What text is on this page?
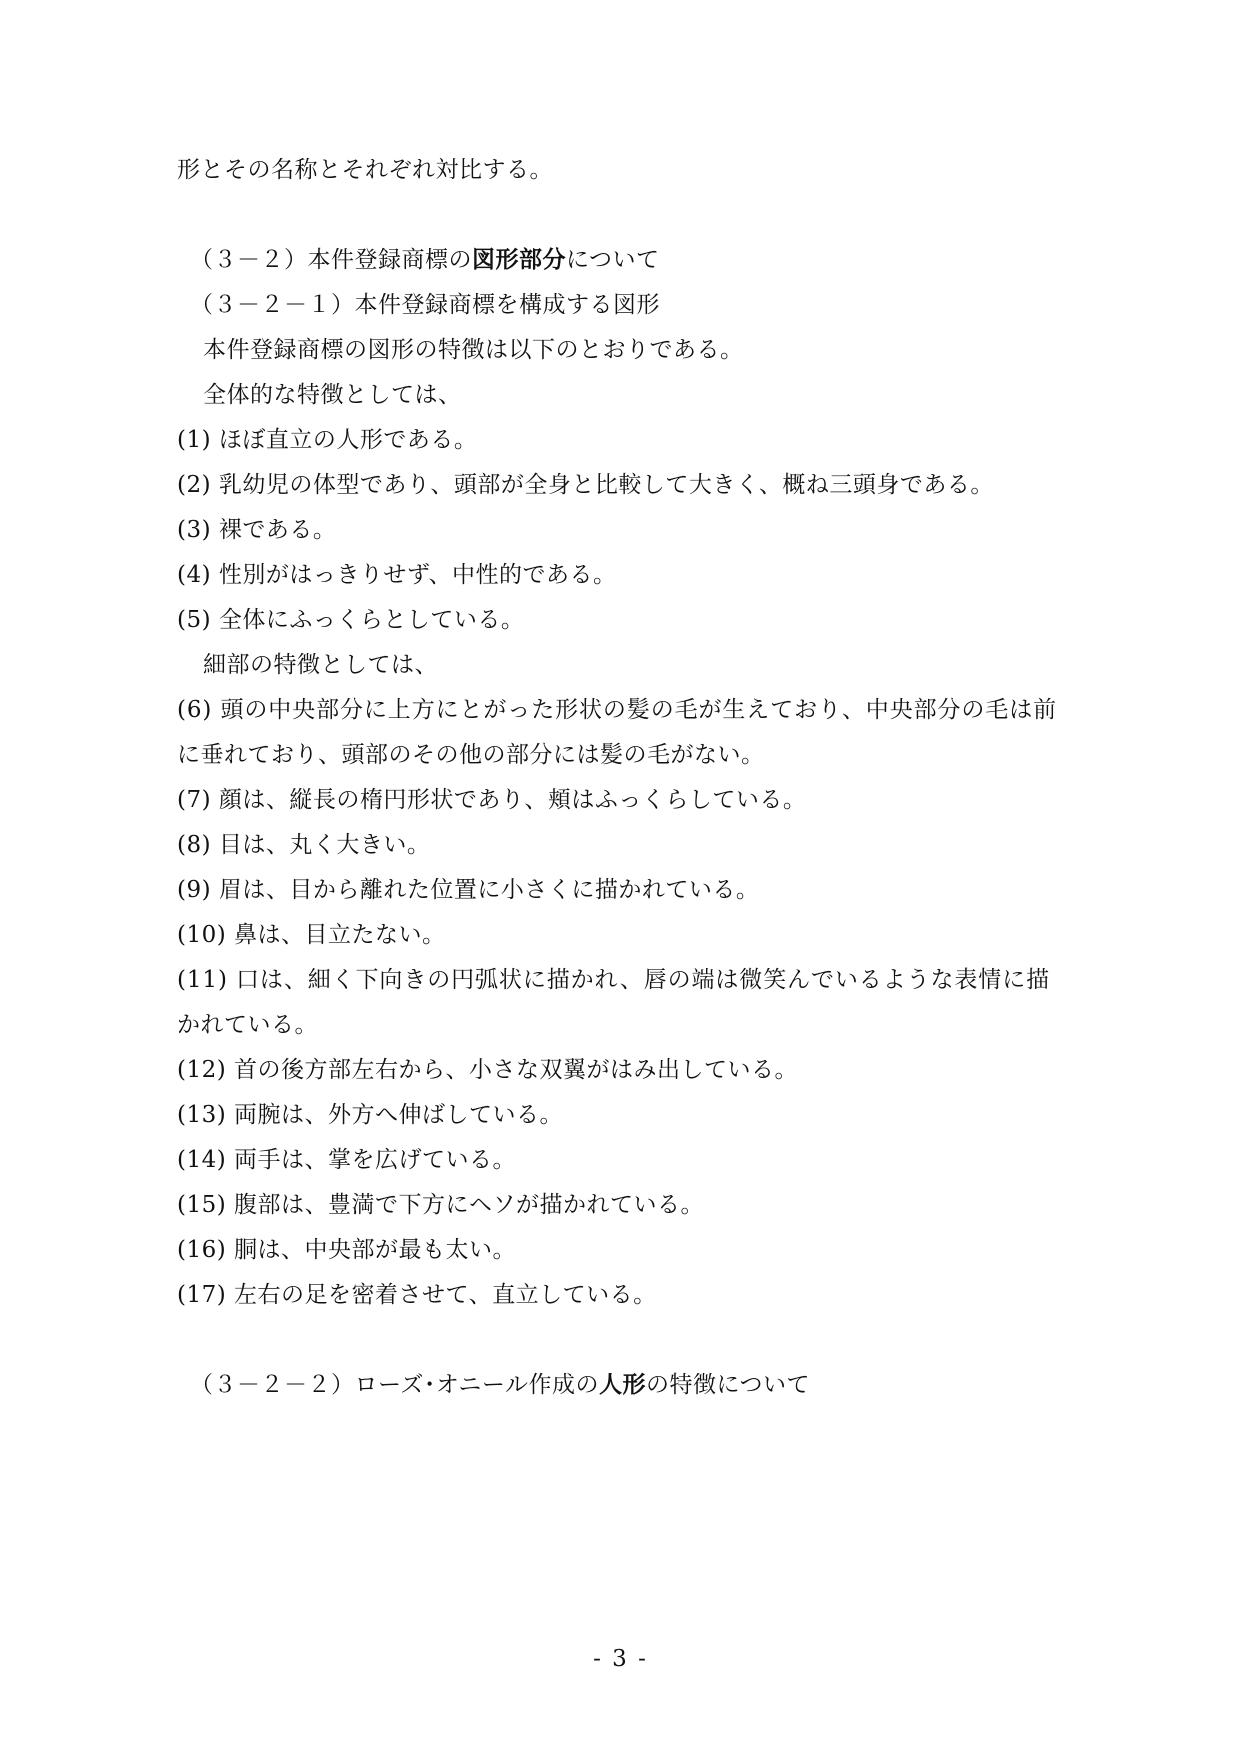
形とその名称とそれぞれ対比する。
（３－２）本件登録商標の図形部分について
（３－２－１）本件登録商標を構成する図形
本件登録商標の図形の特徴は以下のとおりである。
全体的な特徴としては、
(1) ほぼ直立の人形である。
(2) 乳幼児の体型であり、頭部が全身と比較して大きく、概ね三頭身である。
(3) 裸である。
(4) 性別がはっきりせず、中性的である。
(5) 全体にふっくらとしている。
細部の特徴としては、
(6) 頭の中央部分に上方にとがった形状の髪の毛が生えており、中央部分の毛は前
に垂れており、頭部のその他の部分には髪の毛がない。
(7) 顔は、縦長の楕円形状であり、頬はふっくらしている。
(8) 目は、丸く大きい。
(9) 眉は、目から離れた位置に小さくに描かれている。
(10) 鼻は、目立たない。
(11) 口は、細く下向きの円弧状に描かれ、唇の端は微笑んでいるような表情に描
かれている。
(12) 首の後方部左右から、小さな双翼がはみ出している。
(13) 両腕は、外方へ伸ばしている。
(14) 両手は、掌を広げている。
(15) 腹部は、豊満で下方にヘソが描かれている。
(16) 胴は、中央部が最も太い。
(17) 左右の足を密着させて、直立している。
（３－２－２）ローズ･オニール作成の人形の特徴について
- 3 -
